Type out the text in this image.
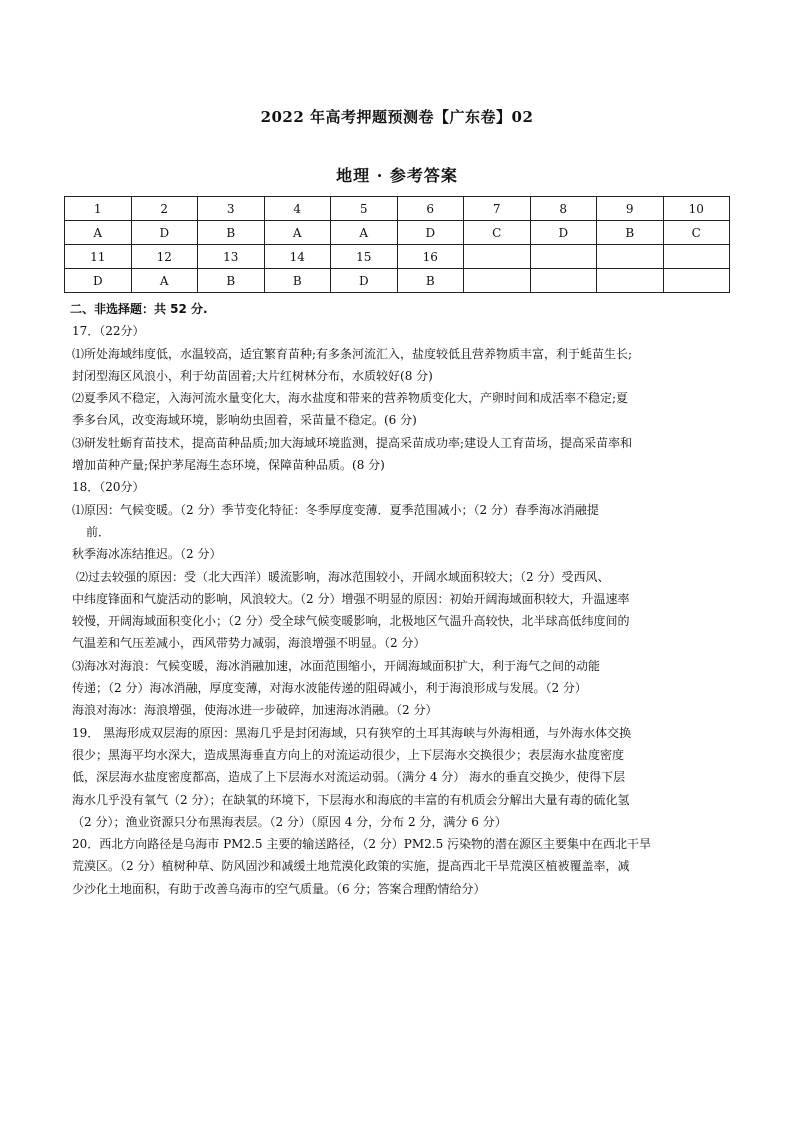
2022 年高考押题预测卷【广东卷】02
地理 · 参考答案
1	2	3	4	5	6	7	8	9	10
A	D	B	A	A	D	C	D	B	C
11	12	13	14	15	16				
D	A	B	B	D	B				

二、非选择题：共 52 分.

17．（22分）

⑴所处海域纬度低，水温较高，适宜繁育苗种;有多条河流汇入，盐度较低且营养物质丰富，利于蚝苗生长;

封闭型海区风浪小，利于幼苗固着;大片红树林分布，水质较好(8 分)

⑵夏季风不稳定，入海河流水量变化大，海水盐度和带来的营养物质变化大，产卵时间和成活率不稳定;夏

季多台风，改变海域环境，影响幼虫固着，采苗量不稳定。(6 分)

⑶研发牡蛎育苗技术，提高苗种品质;加大海域环境监测，提高采苗成功率;建设人工育苗场，提高采苗率和

增加苗种产量;保护茅尾海生态环境，保障苗种品质。(8 分)

18．（20分）

⑴原因：气候变暖。（2 分）季节变化特征：冬季厚度变薄．夏季范围减小；（2 分）春季海冰消融提

前．

秋季海冰冻结推迟。（2 分）

⑵过去较强的原因：受（北大西洋）暖流影响，海冰范围较小，开阔水域面积较大；（2 分）受西风、

中纬度锋面和气旋活动的影响，风浪较大。（2 分）增强不明显的原因：初始开阔海域面积较大，升温速率

较慢，开阔海域面积变化小；（2 分）受全球气候变暖影响，北极地区气温升高较快，北半球高低纬度间的

气温差和气压差减小，西风带势力减弱，海浪增强不明显。（2 分）

⑶海冰对海浪：气候变暖，海冰消融加速，冰面范围缩小，开阔海域面积扩大，利于海气之间的动能

传递；（2 分）海冰消融，厚度变薄，对海水波能传递的阻碍减小，利于海浪形成与发展。（2 分）

海浪对海冰：海浪增强，使海冰进一步破碎，加速海冰消融。（2 分）

19． 黑海形成双层海的原因：黑海几乎是封闭海域，只有狭窄的土耳其海峡与外海相通，与外海水体交换

很少；黑海平均水深大，造成黑海垂直方向上的对流运动很少，上下层海水交换很少；表层海水盐度密度

低，深层海水盐度密度都高，造成了上下层海水对流运动弱。（满分 4 分） 海水的垂直交换少，使得下层

海水几乎没有氧气（2 分）；在缺氧的环境下，下层海水和海底的丰富的有机质会分解出大量有毒的硫化氢

（2 分）；渔业资源只分布黑海表层。（2 分）（原因 4 分，分布 2 分，满分 6 分）

20．西北方向路径是乌海市 PM2.5 主要的输送路径，（2 分）PM2.5 污染物的潜在源区主要集中在西北干旱

荒漠区。（2 分）植树种草、防风固沙和减缓土地荒漠化政策的实施，提高西北干旱荒漠区植被覆盖率，减

少沙化土地面积，有助于改善乌海市的空气质量。（6 分；答案合理酌情给分）
